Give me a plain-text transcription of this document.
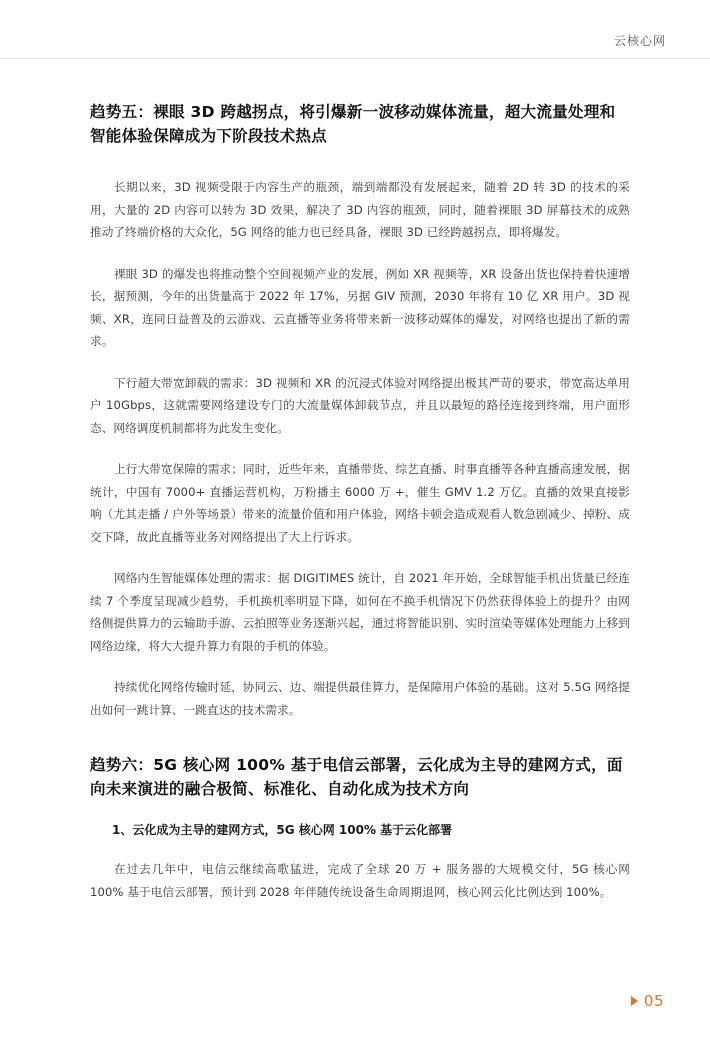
云核心网
趋势五：裸眼 3D 跨越拐点，将引爆新一波移动媒体流量，超大流量处理和智能体验保障成为下阶段技术热点

长期以来，3D 视频受限于内容生产的瓶颈，端到端都没有发展起来，随着 2D 转 3D 的技术的采用，大量的 2D 内容可以转为 3D 效果，解决了 3D 内容的瓶颈，同时，随着裸眼 3D 屏幕技术的成熟推动了终端价格的大众化，5G 网络的能力也已经具备，裸眼 3D 已经跨越拐点，即将爆发。

裸眼 3D 的爆发也将推动整个空间视频产业的发展，例如 XR 视频等，XR 设备出货也保持着快速增长，据预测，今年的出货量高于 2022 年 17%，另据 GIV 预测，2030 年将有 10 亿 XR 用户。3D 视频、XR，连同日益普及的云游戏、云直播等业务将带来新一波移动媒体的爆发，对网络也提出了新的需求。

下行超大带宽卸载的需求：3D 视频和 XR 的沉浸式体验对网络提出极其严苛的要求，带宽高达单用户 10Gbps，这就需要网络建设专门的大流量媒体卸载节点，并且以最短的路径连接到终端，用户面形态、网络调度机制都将为此发生变化。

上行大带宽保障的需求；同时，近些年来，直播带货、综艺直播、时事直播等各种直播高速发展，据统计，中国有 7000+ 直播运营机构，万粉播主 6000 万 +，催生 GMV 1.2 万亿。直播的效果直接影响（尤其走播 / 户外等场景）带来的流量价值和用户体验，网络卡顿会造成观看人数急剧减少、掉粉、成交下降，故此直播等业务对网络提出了大上行诉求。

网络内生智能媒体处理的需求：据 DIGITIMES 统计，自 2021 年开始，全球智能手机出货量已经连续 7 个季度呈现减少趋势，手机换机率明显下降，如何在不换手机情况下仍然获得体验上的提升？由网络侧提供算力的云输助手游、云拍照等业务逐渐兴起，通过将智能识别、实时渲染等媒体处理能力上移到网络边缘，将大大提升算力有限的手机的体验。

持续优化网络传输时延，协同云、边、端提供最佳算力，是保障用户体验的基础。这对 5.5G 网络提出如何一跳计算、一跳直达的技术需求。

趋势六：5G 核心网 100% 基于电信云部署，云化成为主导的建网方式，面向未来演进的融合极简、标准化、自动化成为技术方向
1、云化成为主导的建网方式，5G 核心网 100% 基于云化部署

在过去几年中，电信云继续高歌猛进，完成了全球 20 万 + 服务器的大规模交付，5G 核心网 100% 基于电信云部署，预计到 2028 年伴随传统设备生命周期退网，核心网云化比例达到 100%。

05
